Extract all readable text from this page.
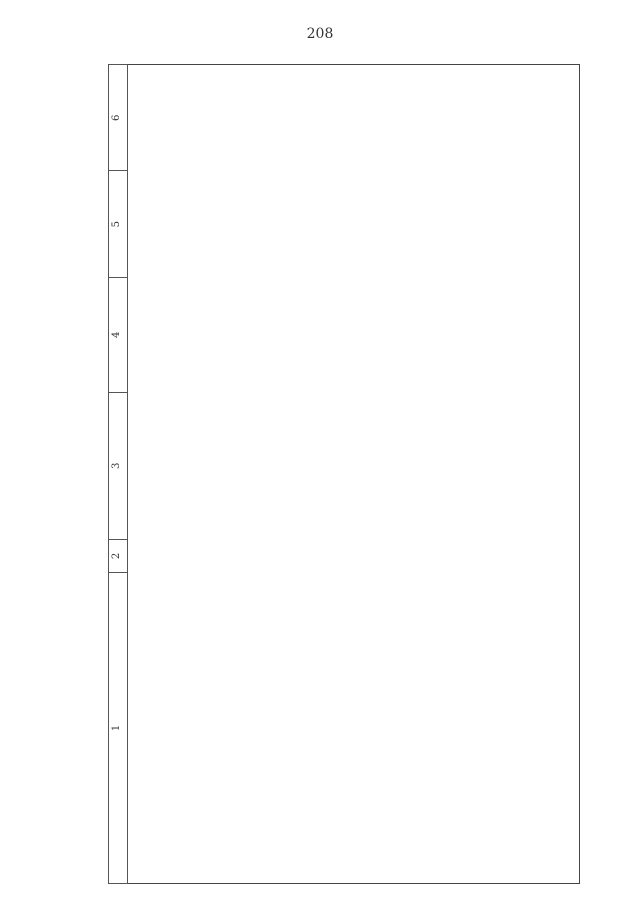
208
1	2	3	4	5	6
